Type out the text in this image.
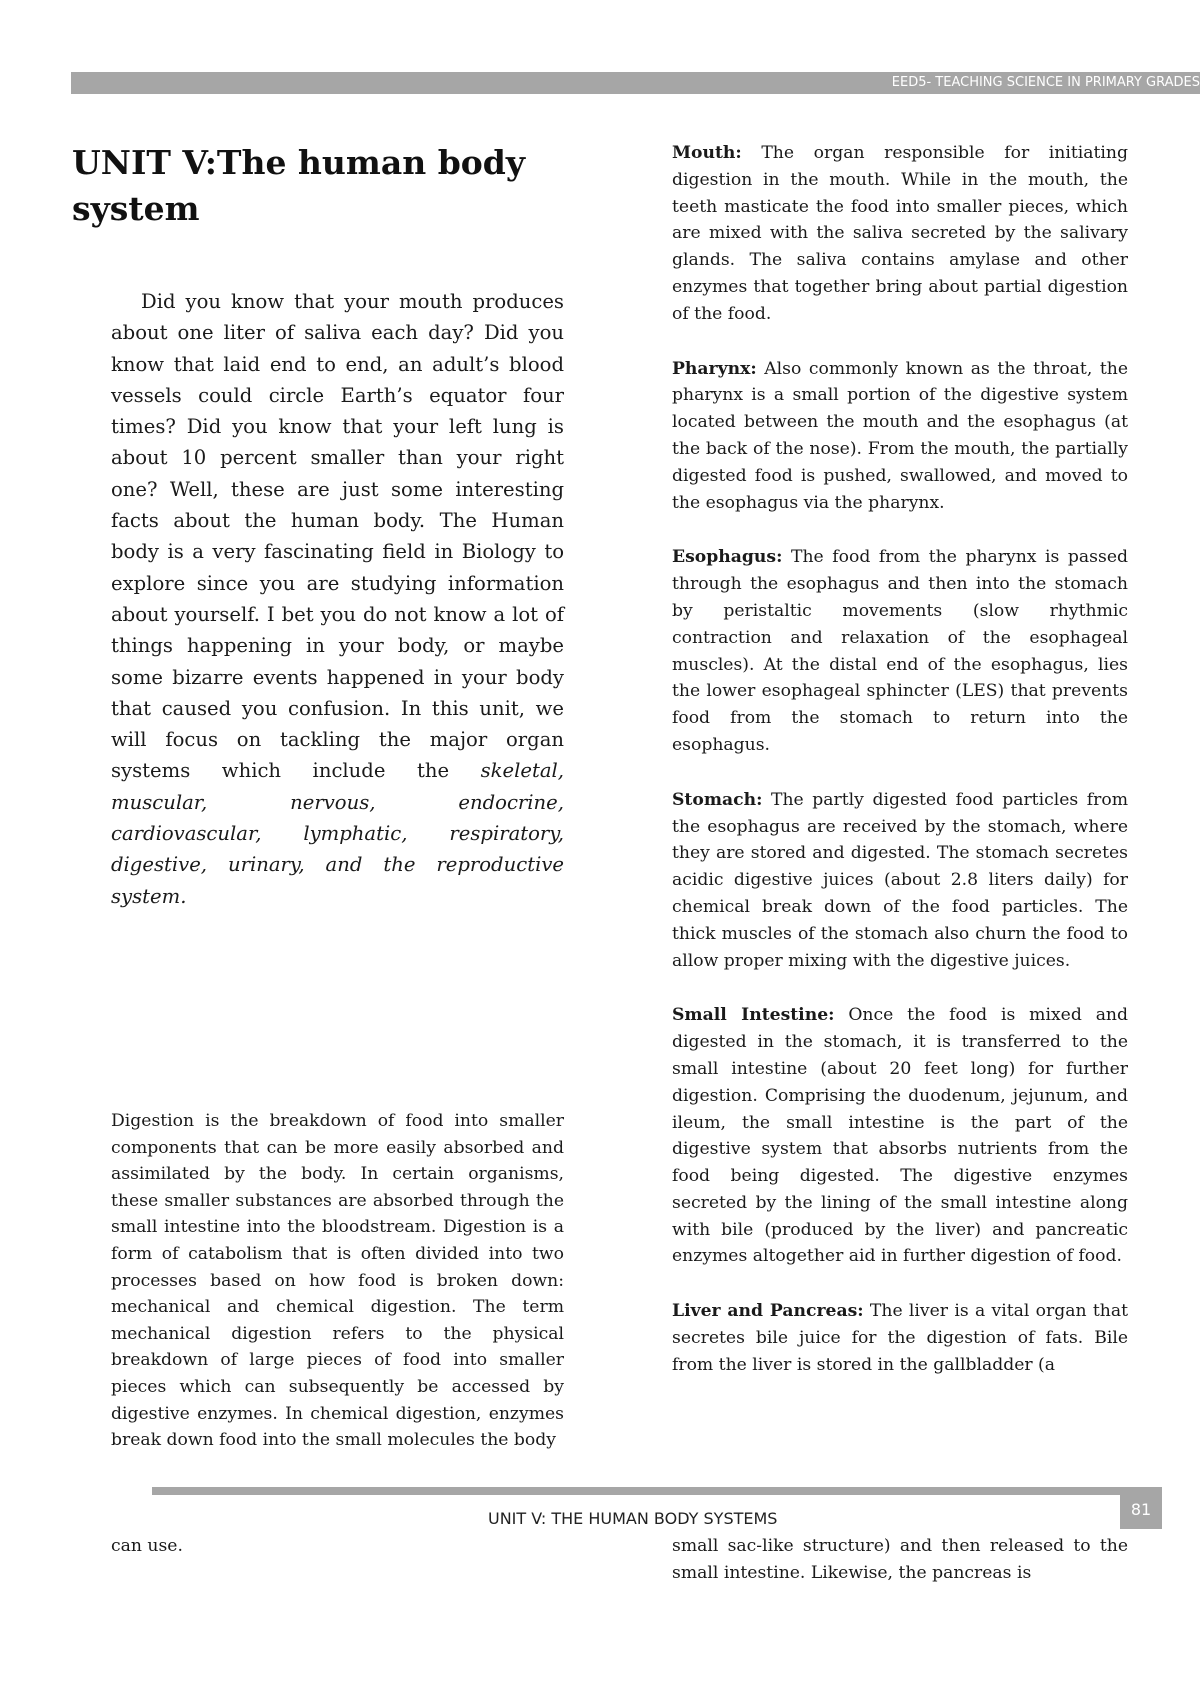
EED5- TEACHING SCIENCE IN PRIMARY GRADES
UNIT V:The human body system

Did you know that your mouth produces about one liter of saliva each day? Did you know that laid end to end, an adult’s blood vessels could circle Earth’s equator four times? Did you know that your left lung is about 10 percent smaller than your right one? Well, these are just some interesting facts about the human body. The Human body is a very fascinating field in Biology to explore since you are studying information about yourself. I bet you do not know a lot of things happening in your body, or maybe some bizarre events happened in your body that caused you confusion. In this unit, we will focus on tackling the major organ systems which include the skeletal, muscular, nervous, endocrine, cardiovascular, lymphatic, respiratory, digestive, urinary, and the reproductive system.

Digestion is the breakdown of food into smaller components that can be more easily absorbed and assimilated by the body. In certain organisms, these smaller substances are absorbed through the small intestine into the bloodstream. Digestion is a form of catabolism that is often divided into two processes based on how food is broken down: mechanical and chemical digestion. The term mechanical digestion refers to the physical breakdown of large pieces of food into smaller pieces which can subsequently be accessed by digestive enzymes. In chemical digestion, enzymes break down food into the small molecules the body

Mouth: The organ responsible for initiating digestion in the mouth. While in the mouth, the teeth masticate the food into smaller pieces, which are mixed with the saliva secreted by the salivary glands. The saliva contains amylase and other enzymes that together bring about partial digestion of the food.

Pharynx: Also commonly known as the throat, the pharynx is a small portion of the digestive system located between the mouth and the esophagus (at the back of the nose). From the mouth, the partially digested food is pushed, swallowed, and moved to the esophagus via the pharynx.

Esophagus: The food from the pharynx is passed through the esophagus and then into the stomach by peristaltic movements (slow rhythmic contraction and relaxation of the esophageal muscles). At the distal end of the esophagus, lies the lower esophageal sphincter (LES) that prevents food from the stomach to return into the esophagus.

Stomach: The partly digested food particles from the esophagus are received by the stomach, where they are stored and digested. The stomach secretes acidic digestive juices (about 2.8 liters daily) for chemical break down of the food particles. The thick muscles of the stomach also churn the food to allow proper mixing with the digestive juices.

Small Intestine: Once the food is mixed and digested in the stomach, it is transferred to the small intestine (about 20 feet long) for further digestion. Comprising the duodenum, jejunum, and ileum, the small intestine is the part of the digestive system that absorbs nutrients from the food being digested. The digestive enzymes secreted by the lining of the small intestine along with bile (produced by the liver) and pancreatic enzymes altogether aid in further digestion of food.

Liver and Pancreas: The liver is a vital organ that secretes bile juice for the digestion of fats. Bile from the liver is stored in the gallbladder (a

UNIT V: THE HUMAN BODY SYSTEMS	81

can use.	small sac-like structure) and then released to the small intestine. Likewise, the pancreas is
